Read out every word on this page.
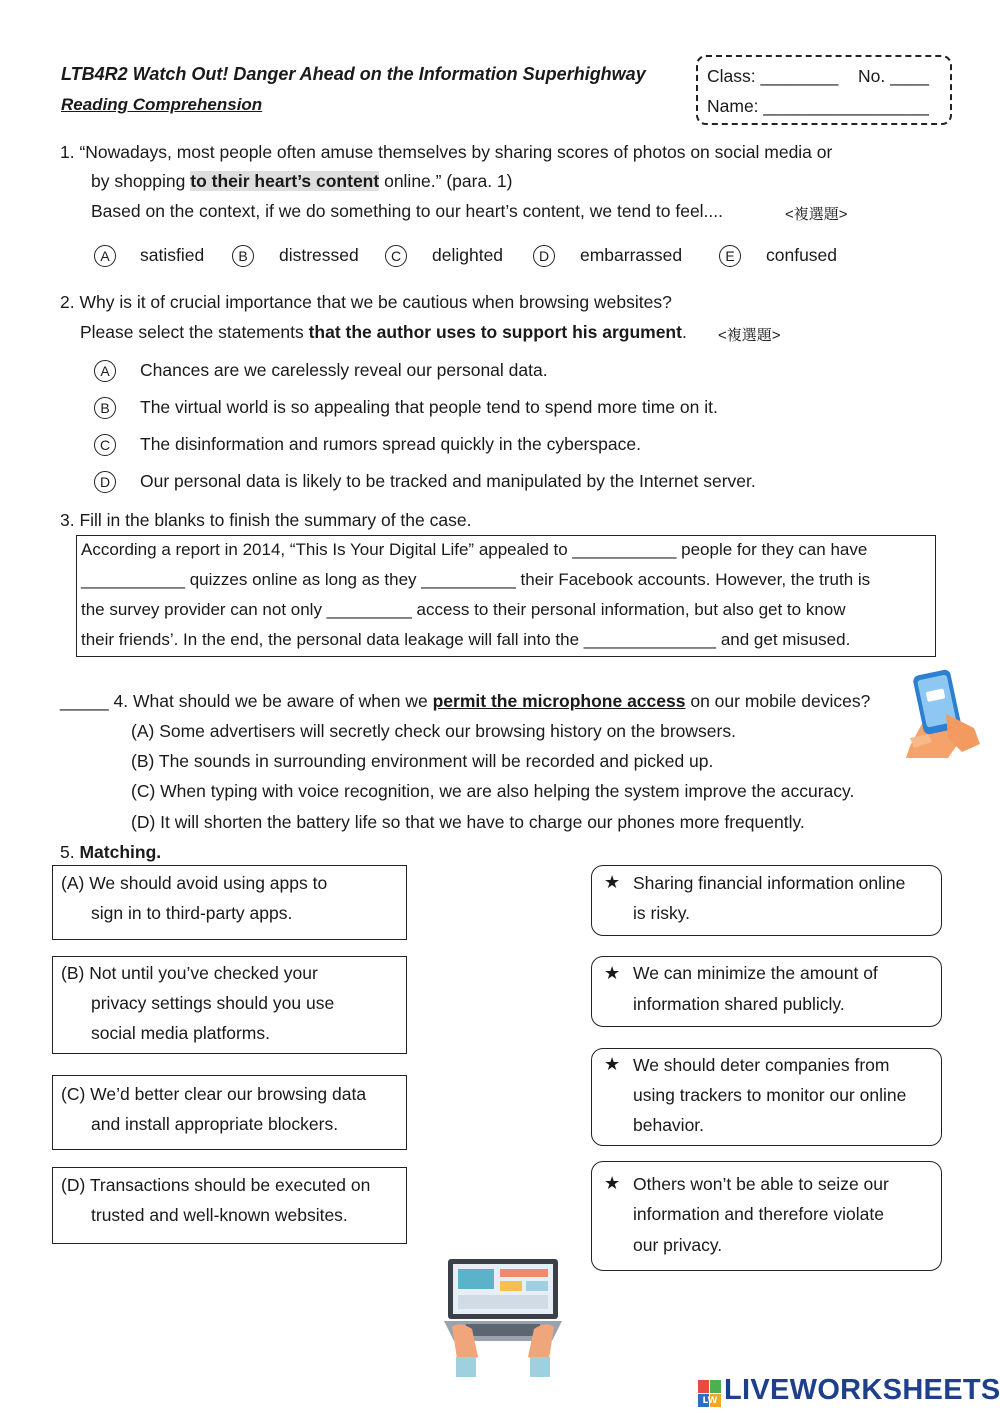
LTB4R2 Watch Out! Danger Ahead on the Information Superhighway
Reading Comprehension
Class: ________ No. ____
Name: _________________
1. “Nowadays, most people often amuse themselves by sharing scores of photos on social media or
by shopping to their heart’s content online.” (para. 1)
Based on the context, if we do something to our heart’s content, we tend to feel....	<複選題>
A	satisfied	B	distressed	C	delighted	D	embarrassed	E	confused
2. Why is it of crucial importance that we be cautious when browsing websites?
Please select the statements that the author uses to support his argument. <複選題>
A	Chances are we carelessly reveal our personal data.
B	The virtual world is so appealing that people tend to spend more time on it.
C	The disinformation and rumors spread quickly in the cyberspace.
D	Our personal data is likely to be tracked and manipulated by the Internet server.
3. Fill in the blanks to finish the summary of the case.
According a report in 2014, “This Is Your Digital Life” appealed to ___________ people for they can have
___________ quizzes online as long as they __________ their Facebook accounts. However, the truth is
the survey provider can not only _________ access to their personal information, but also get to know
their friends’. In the end, the personal data leakage will fall into the ______________ and get misused.
_____ 4. What should we be aware of when we permit the microphone access on our mobile devices?
(A) Some advertisers will secretly check our browsing history on the browsers.
(B) The sounds in surrounding environment will be recorded and picked up.
(C) When typing with voice recognition, we are also helping the system improve the accuracy.
(D) It will shorten the battery life so that we have to charge our phones more frequently.
5. Matching.
(A) We should avoid using apps to
sign in to third-party apps.
(B) Not until you’ve checked your
privacy settings should you use
social media platforms.
(C) We’d better clear our browsing data
and install appropriate blockers.
(D) Transactions should be executed on
trusted and well-known websites.
★ Sharing financial information online
is risky.
★ We can minimize the amount of
information shared publicly.
★ We should deter companies from
using trackers to monitor our online
behavior.
★ Others won’t be able to seize our
information and therefore violate
our privacy.
LW LIVEWORKSHEETS
